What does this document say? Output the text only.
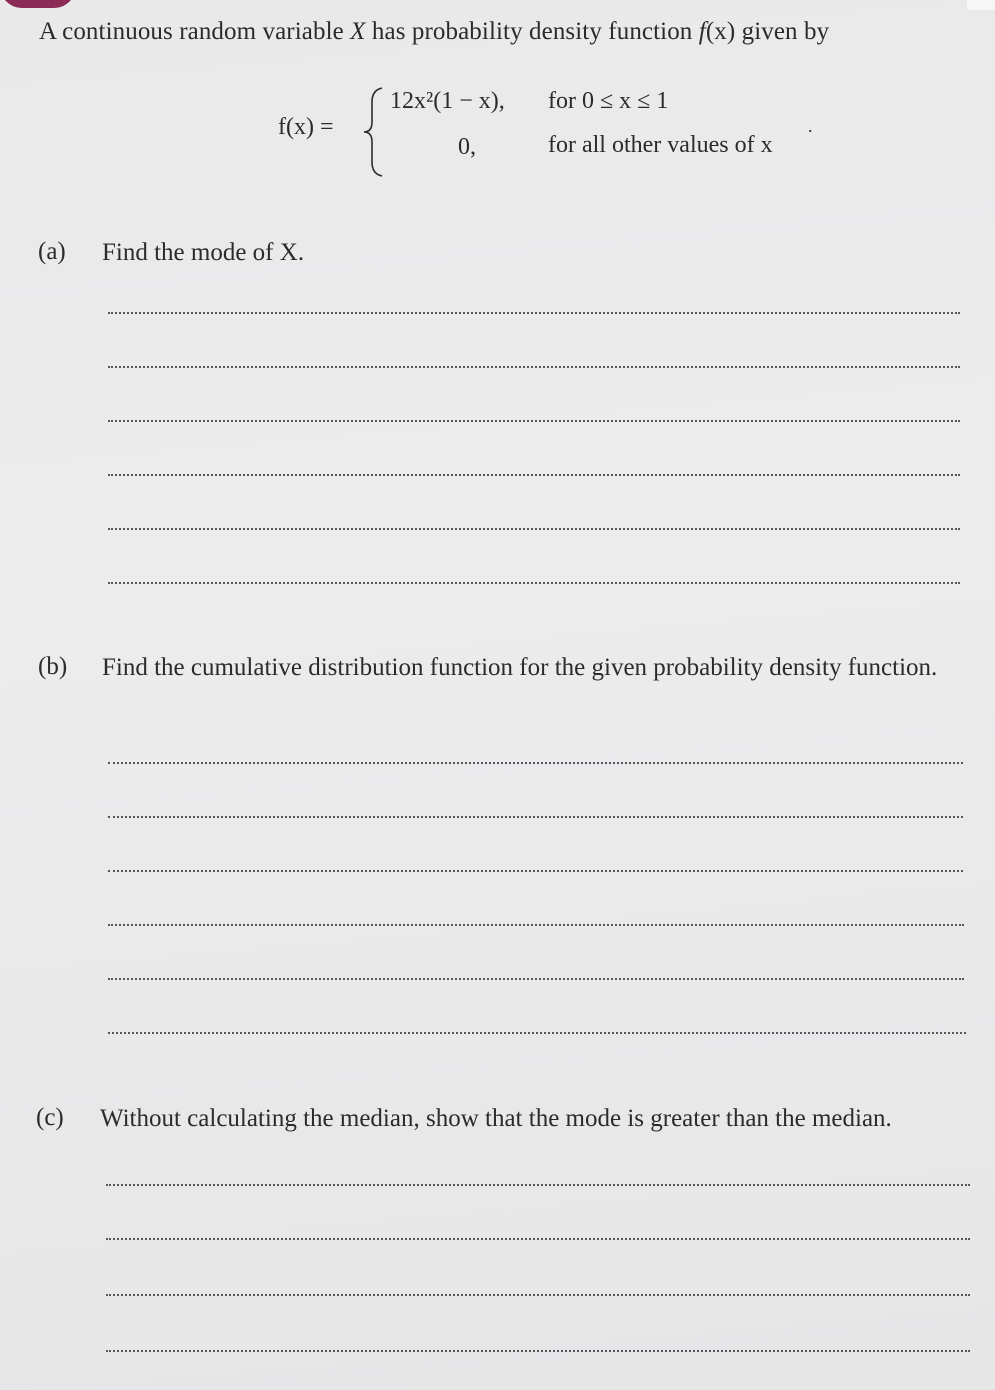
A continuous random variable X has probability density function f(x) given by
f(x) =
12x²(1 − x), for 0 ≤ x ≤ 1
0,	for all other values of x
.
(a) Find the mode of X.
(b) Find the cumulative distribution function for the given probability density function.
(c) Without calculating the median, show that the mode is greater than the median.
